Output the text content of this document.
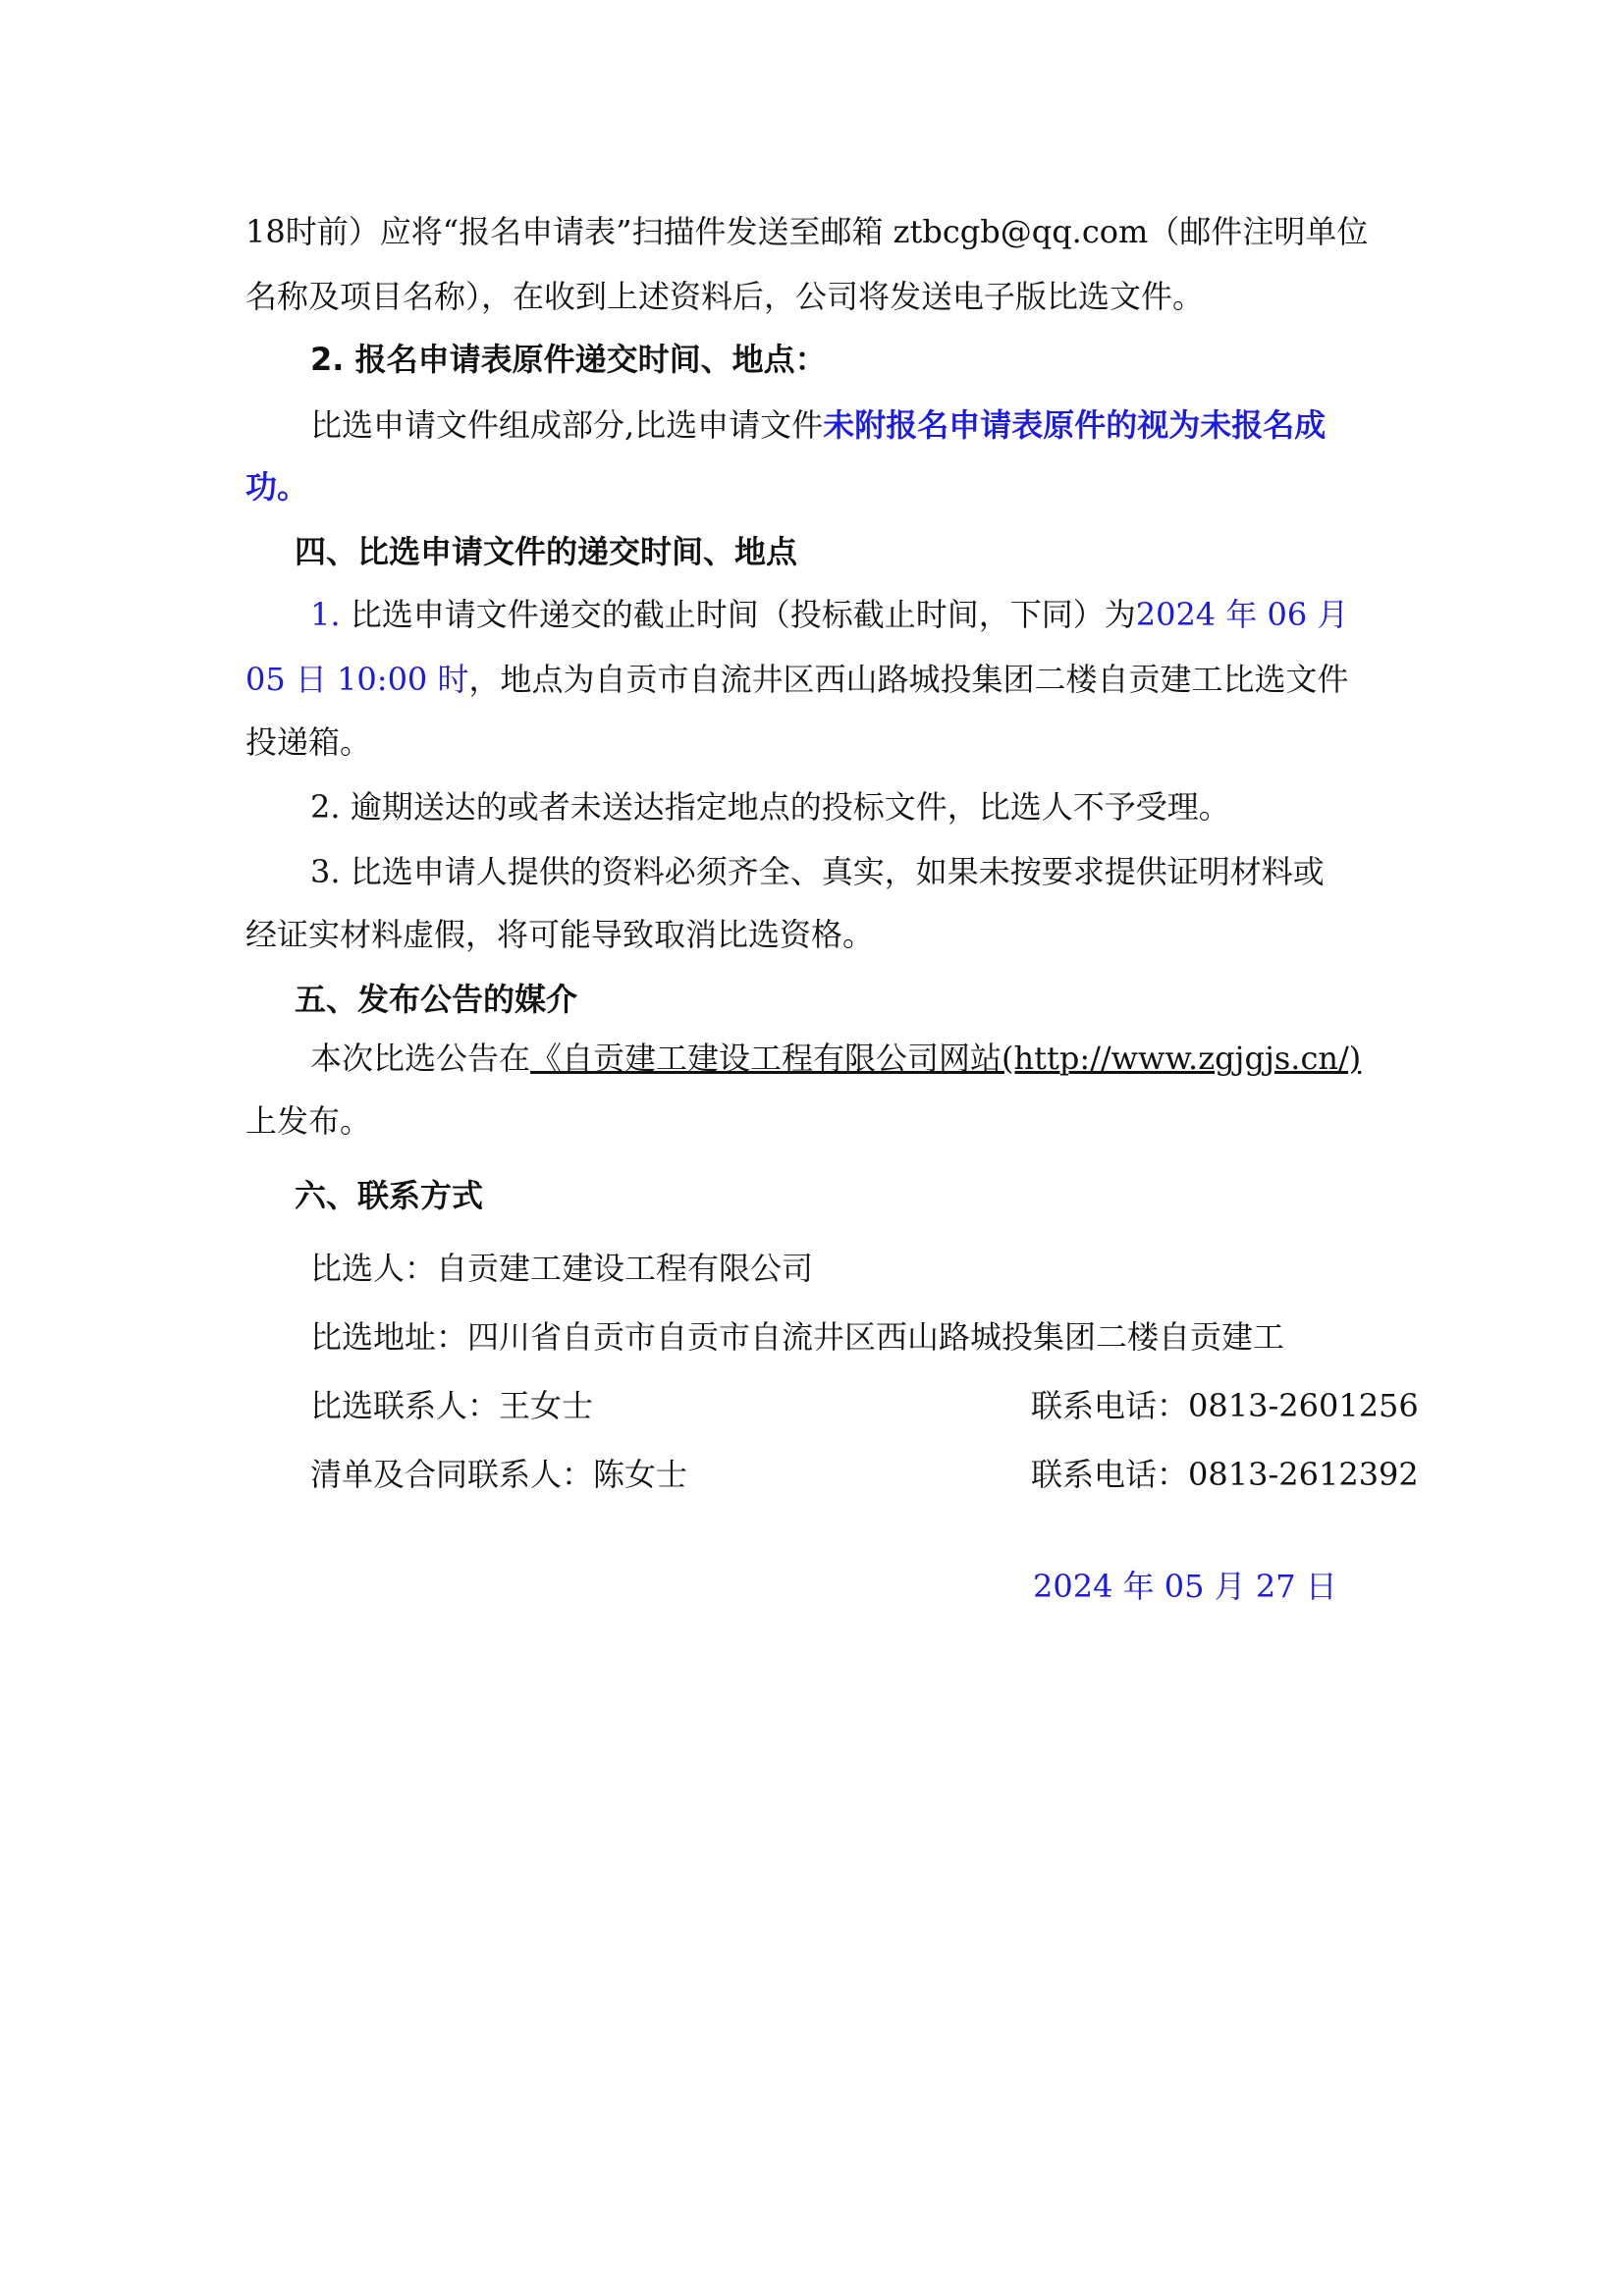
18时前）应将“报名申请表”扫描件发送至邮箱 ztbcgb@qq.com（邮件注明单位
名称及项目名称），在收到上述资料后，公司将发送电子版比选文件。
2. 报名申请表原件递交时间、地点：
比选申请文件组成部分,比选申请文件未附报名申请表原件的视为未报名成
功。
四、比选申请文件的递交时间、地点
1. 比选申请文件递交的截止时间（投标截止时间，下同）为2024 年 06 月
05 日 10:00 时，地点为自贡市自流井区西山路城投集团二楼自贡建工比选文件
投递箱。
2. 逾期送达的或者未送达指定地点的投标文件，比选人不予受理。
3. 比选申请人提供的资料必须齐全、真实，如果未按要求提供证明材料或
经证实材料虚假，将可能导致取消比选资格。
五、发布公告的媒介
本次比选公告在《自贡建工建设工程有限公司网站(http://www.zgjgjs.cn/)
上发布。
六、联系方式
比选人：自贡建工建设工程有限公司
比选地址：四川省自贡市自贡市自流井区西山路城投集团二楼自贡建工
比选联系人：王女士	联系电话：0813-2601256
清单及合同联系人：陈女士	联系电话：0813-2612392
2024 年 05 月 27 日
